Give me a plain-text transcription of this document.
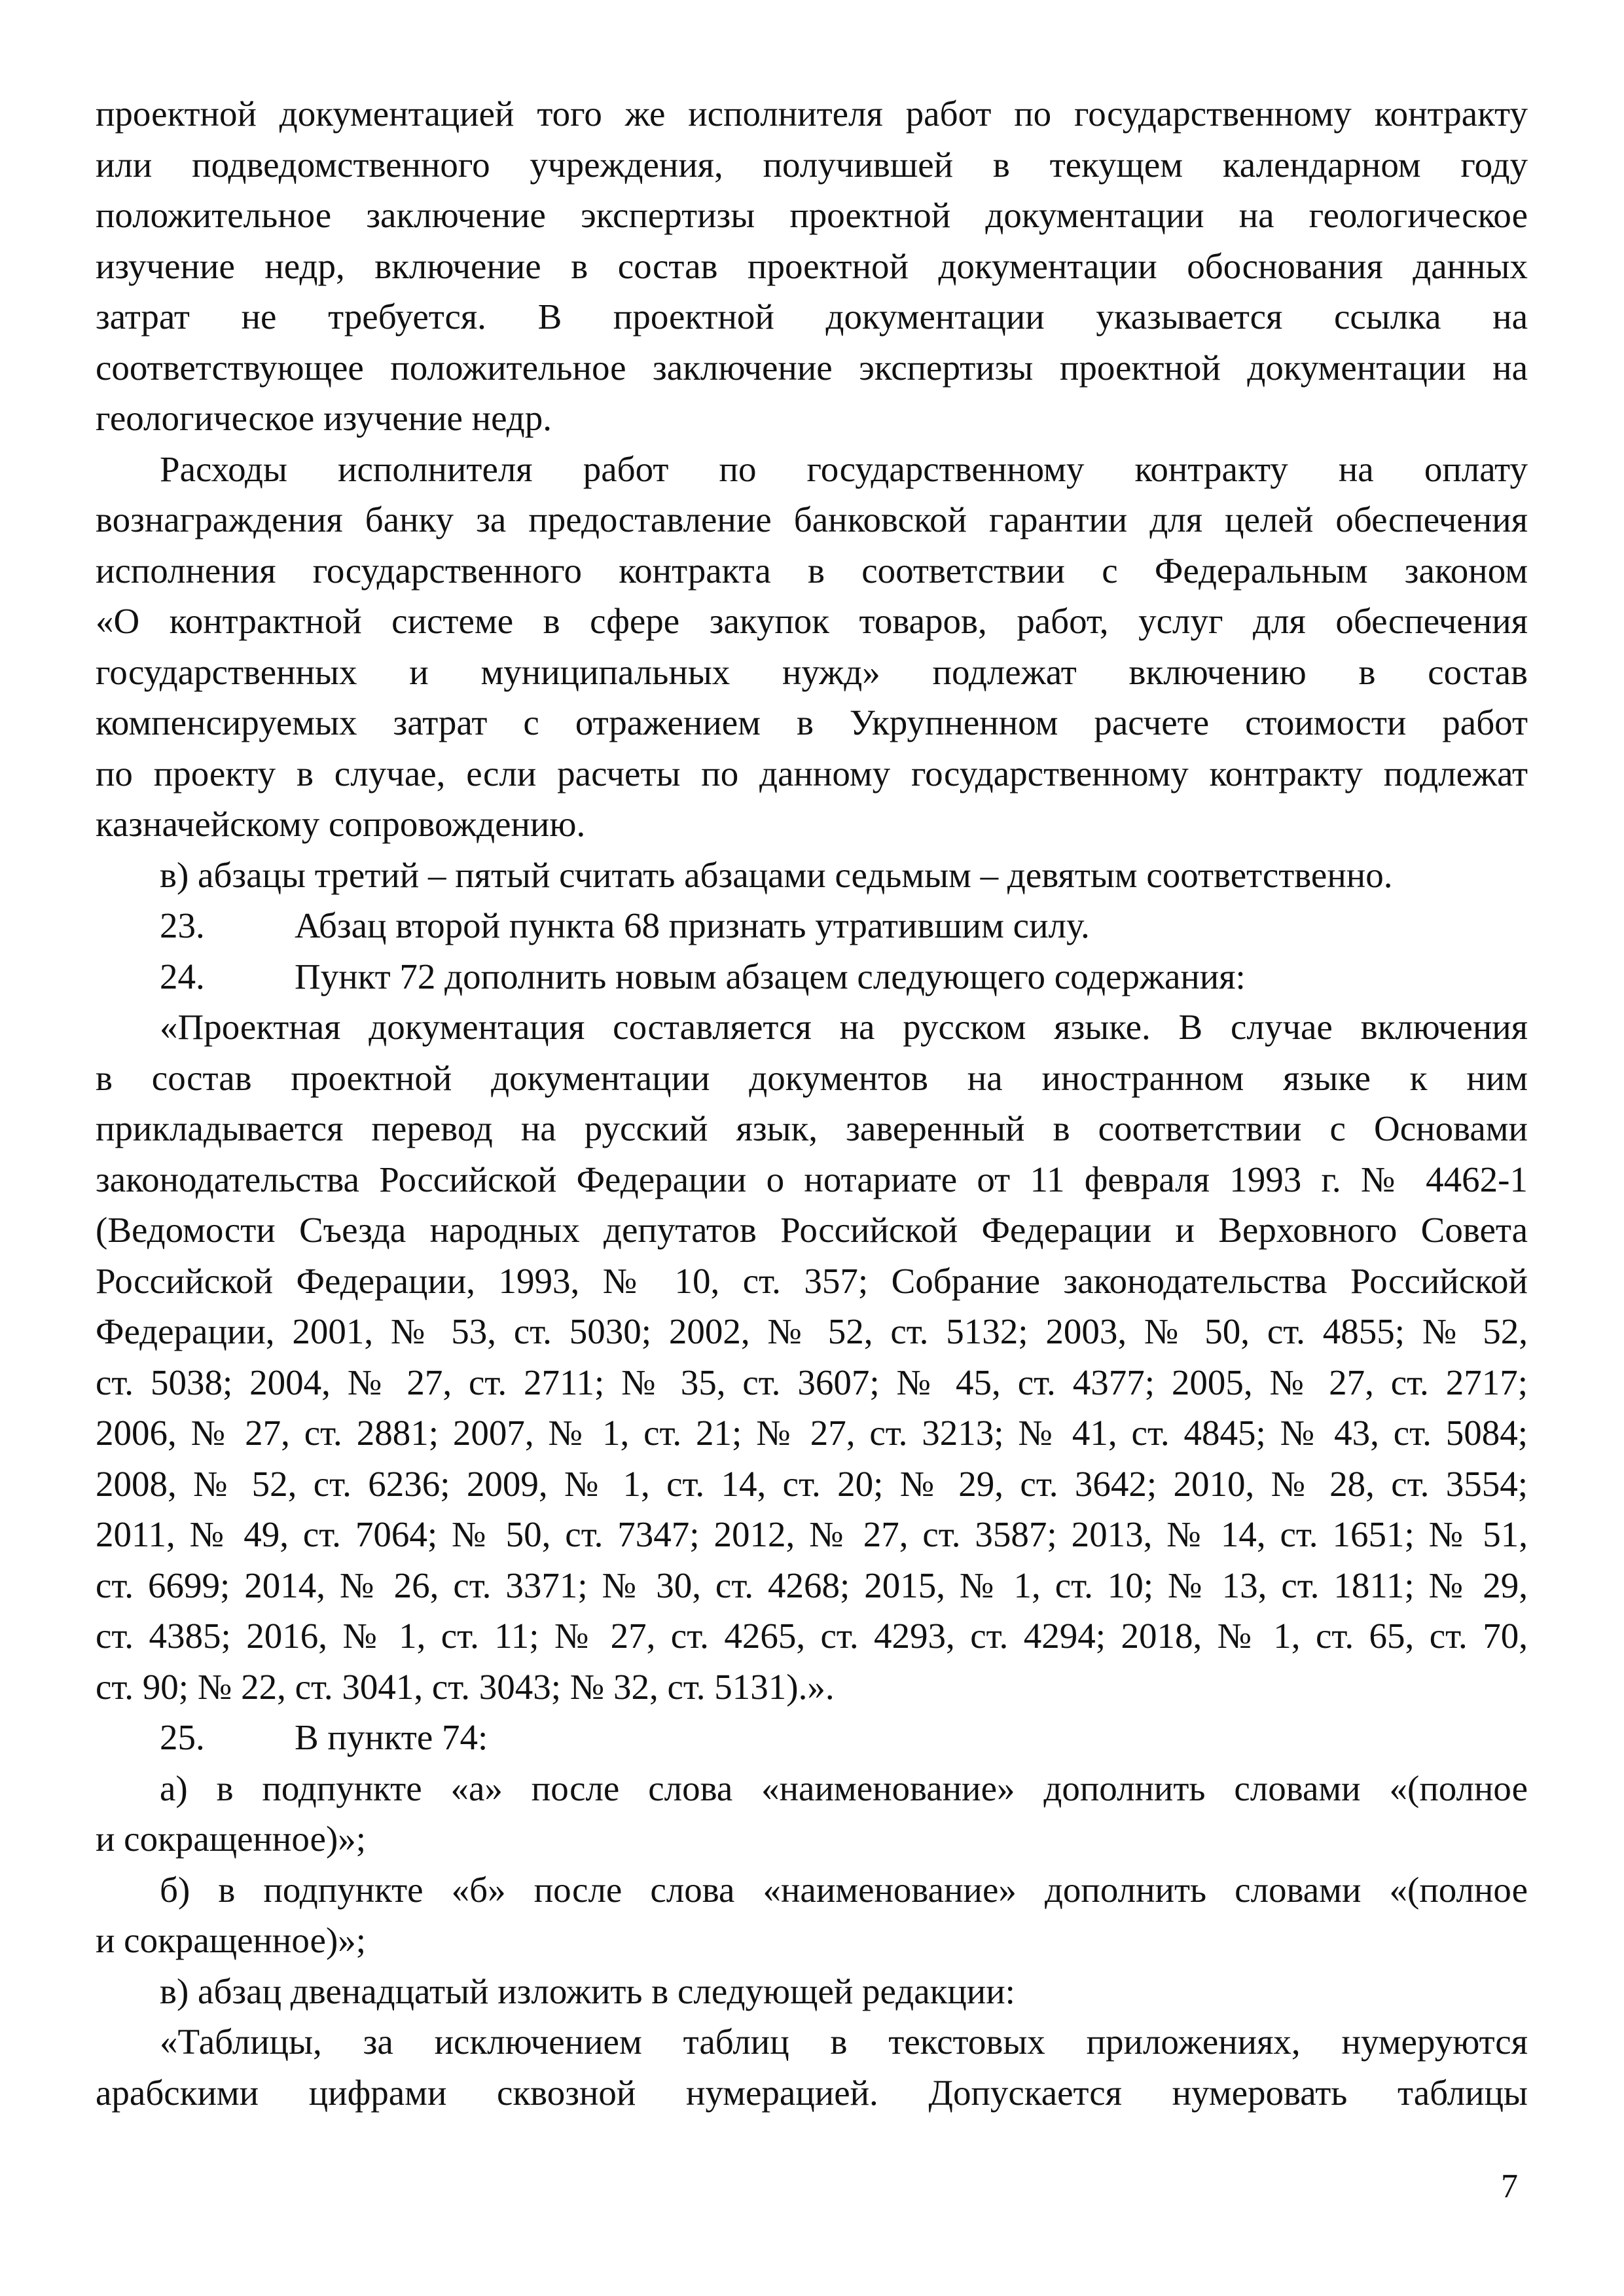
проектной документацией того же исполнителя работ по государственному контракту
или подведомственного учреждения, получившей в текущем календарном году
положительное заключение экспертизы проектной документации на геологическое
изучение недр, включение в состав проектной документации обоснования данных
затрат не требуется. В проектной документации указывается ссылка на
соответствующее положительное заключение экспертизы проектной документации на
геологическое изучение недр.
Расходы исполнителя работ по государственному контракту на оплату
вознаграждения банку за предоставление банковской гарантии для целей обеспечения
исполнения государственного контракта в соответствии с Федеральным законом
«О контрактной системе в сфере закупок товаров, работ, услуг для обеспечения
государственных и муниципальных нужд» подлежат включению в состав
компенсируемых затрат с отражением в Укрупненном расчете стоимости работ
по проекту в случае, если расчеты по данному государственному контракту подлежат
казначейскому сопровождению.
в) абзацы третий – пятый считать абзацами седьмым – девятым соответственно.
23. Абзац второй пункта 68 признать утратившим силу.
24. Пункт 72 дополнить новым абзацем следующего содержания:
«Проектная документация составляется на русском языке. В случае включения
в состав проектной документации документов на иностранном языке к ним
прикладывается перевод на русский язык, заверенный в соответствии с Основами
законодательства Российской Федерации о нотариате от 11 февраля 1993 г. № 4462-1
(Ведомости Съезда народных депутатов Российской Федерации и Верховного Совета
Российской Федерации, 1993, № 10, ст. 357; Собрание законодательства Российской
Федерации, 2001, № 53, ст. 5030; 2002, № 52, ст. 5132; 2003, № 50, ст. 4855; № 52,
ст. 5038; 2004, № 27, ст. 2711; № 35, ст. 3607; № 45, ст. 4377; 2005, № 27, ст. 2717;
2006, № 27, ст. 2881; 2007, № 1, ст. 21; № 27, ст. 3213; № 41, ст. 4845; № 43, ст. 5084;
2008, № 52, ст. 6236; 2009, № 1, ст. 14, ст. 20; № 29, ст. 3642; 2010, № 28, ст. 3554;
2011, № 49, ст. 7064; № 50, ст. 7347; 2012, № 27, ст. 3587; 2013, № 14, ст. 1651; № 51,
ст. 6699; 2014, № 26, ст. 3371; № 30, ст. 4268; 2015, № 1, ст. 10; № 13, ст. 1811; № 29,
ст. 4385; 2016, № 1, ст. 11; № 27, ст. 4265, ст. 4293, ст. 4294; 2018, № 1, ст. 65, ст. 70,
ст. 90; № 22, ст. 3041, ст. 3043; № 32, ст. 5131).».
25. В пункте 74:
а) в подпункте «а» после слова «наименование» дополнить словами «(полное
и сокращенное)»;
б) в подпункте «б» после слова «наименование» дополнить словами «(полное
и сокращенное)»;
в) абзац двенадцатый изложить в следующей редакции:
«Таблицы, за исключением таблиц в текстовых приложениях, нумеруются
арабскими цифрами сквозной нумерацией. Допускается нумеровать таблицы
7
